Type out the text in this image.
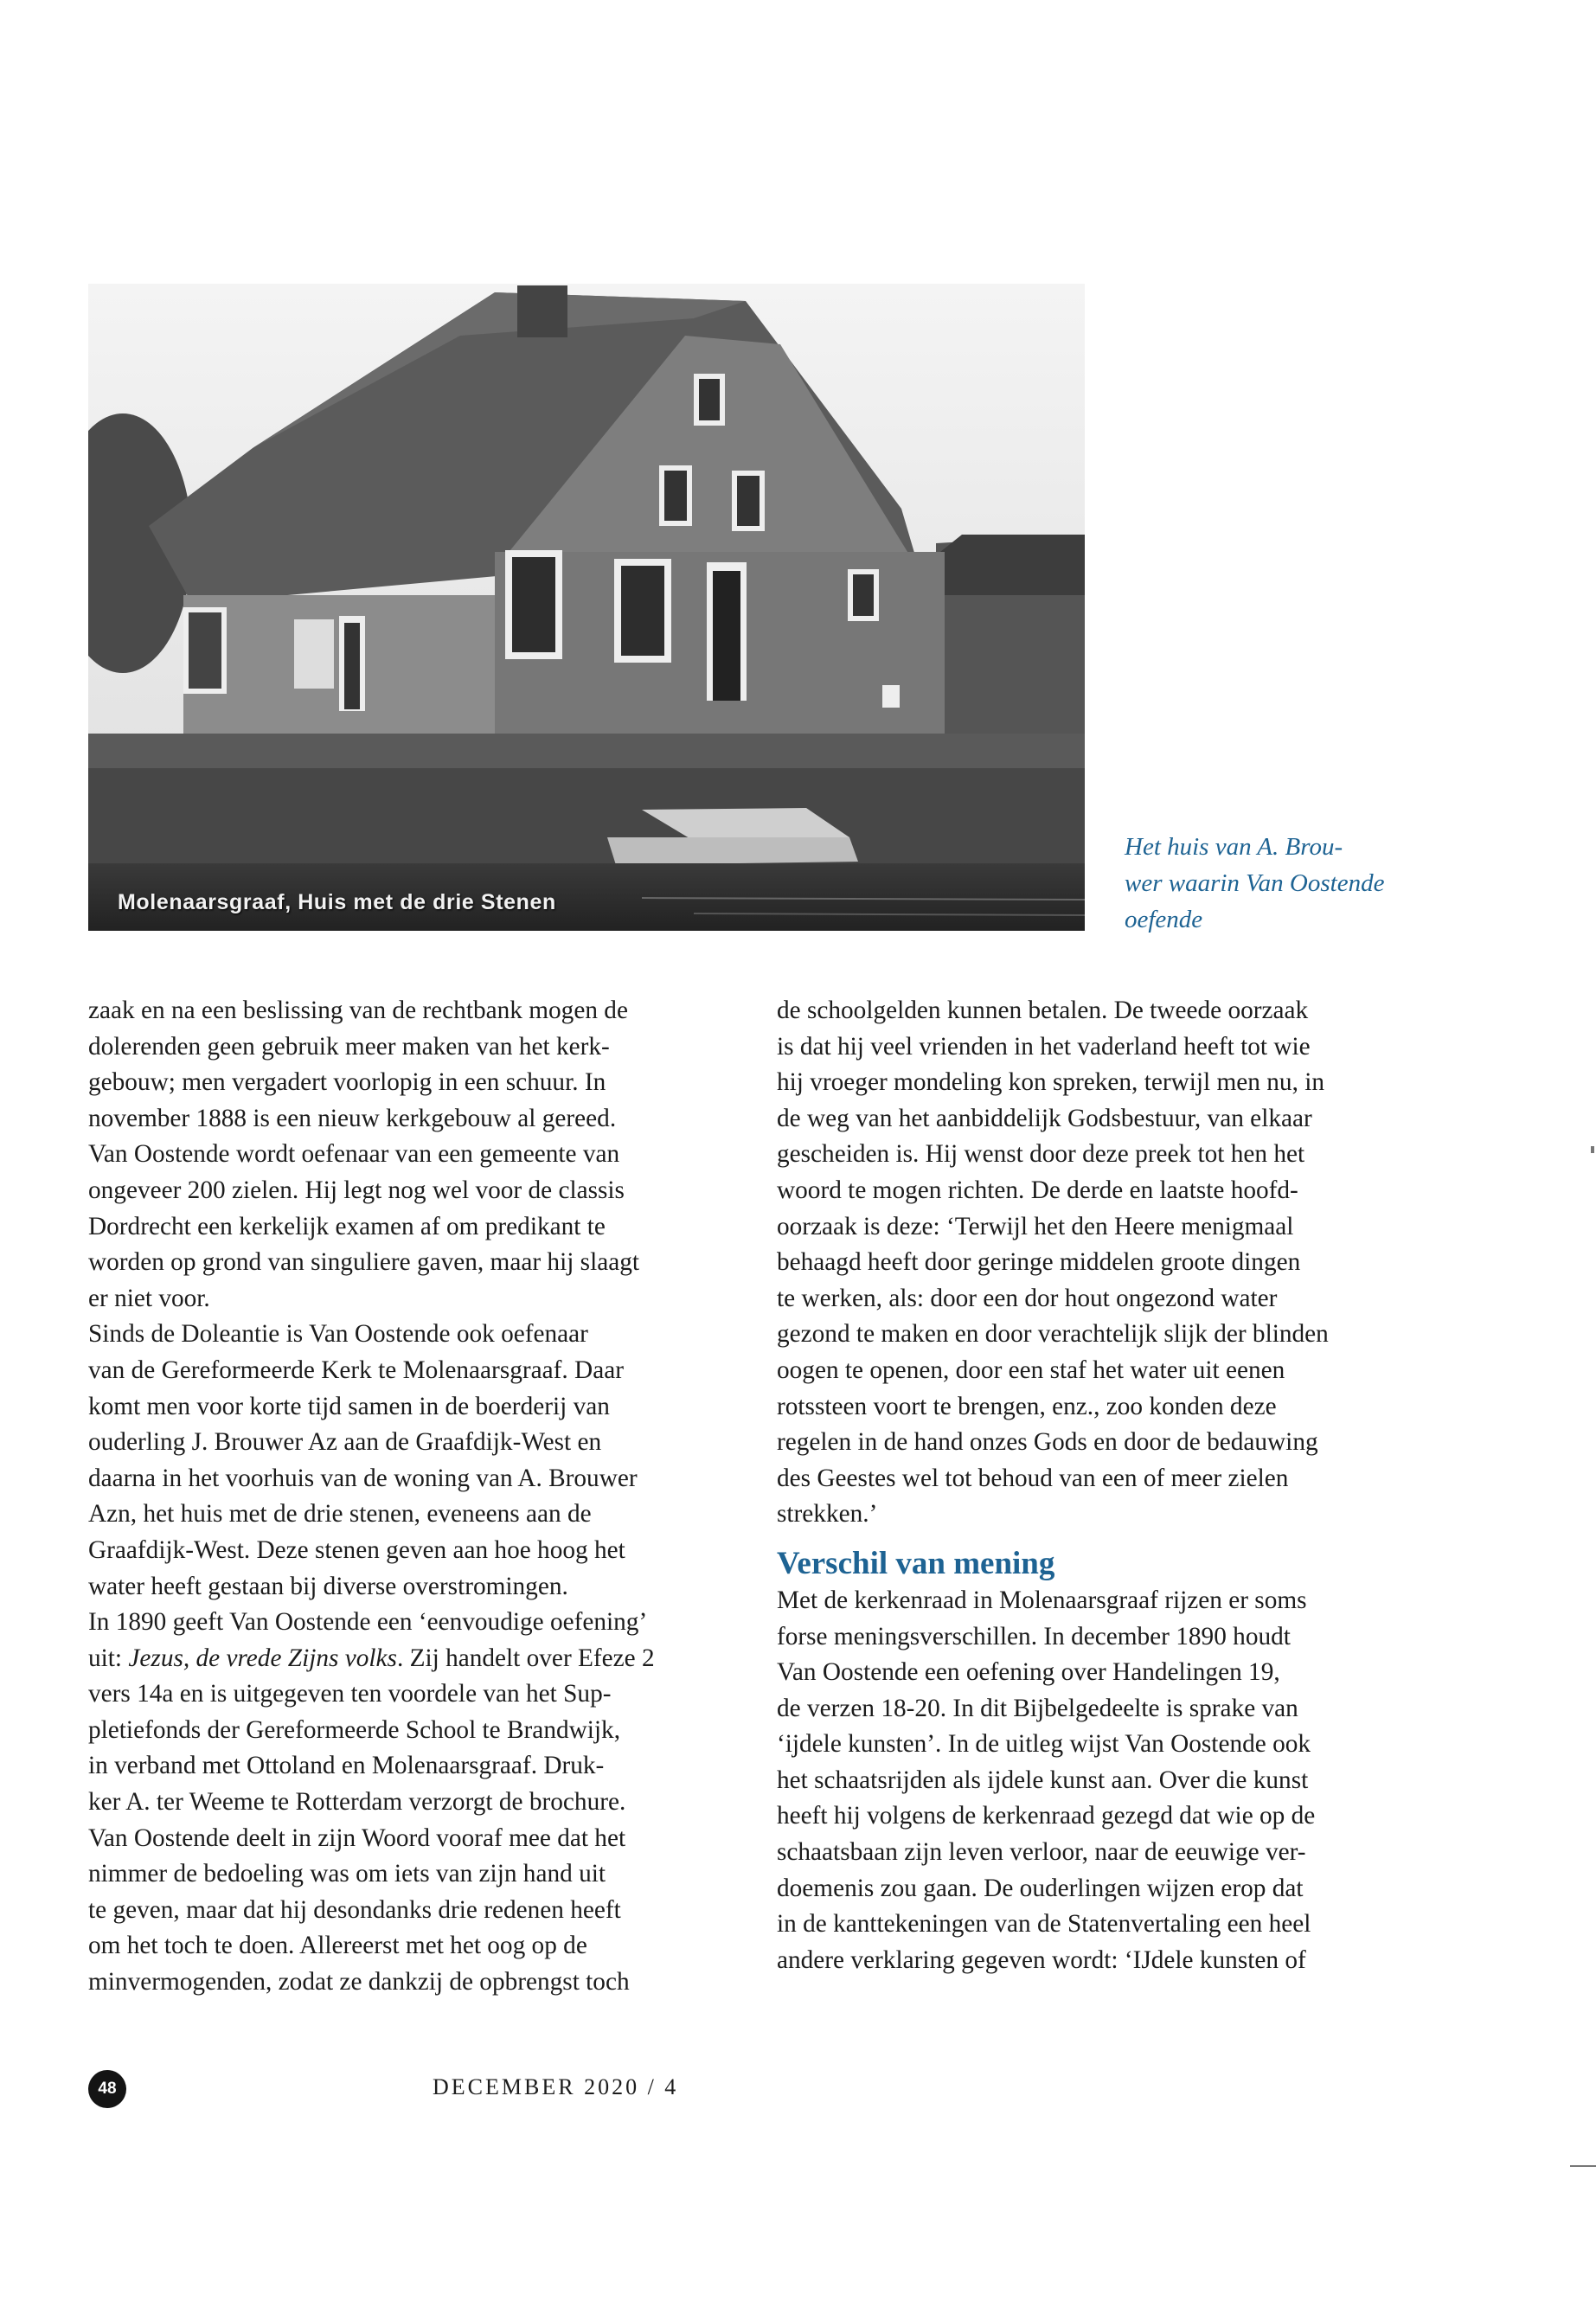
Molenaarsgraaf, Huis met de drie Stenen
Het huis van A. Brou-
wer waarin Van Oostende
oefende
zaak en na een beslissing van de rechtbank mogen de
dolerenden geen gebruik meer maken van het kerk-
gebouw; men vergadert voorlopig in een schuur. In
november 1888 is een nieuw kerkgebouw al gereed.
Van Oostende wordt oefenaar van een gemeente van
ongeveer 200 zielen. Hij legt nog wel voor de classis
Dordrecht een kerkelijk examen af om predikant te
worden op grond van singuliere gaven, maar hij slaagt
er niet voor.
Sinds de Doleantie is Van Oostende ook oefenaar
van de Gereformeerde Kerk te Molenaarsgraaf. Daar
komt men voor korte tijd samen in de boerderij van
ouderling J. Brouwer Az aan de Graafdijk-West en
daarna in het voorhuis van de woning van A. Brouwer
Azn, het huis met de drie stenen, eveneens aan de
Graafdijk-West. Deze stenen geven aan hoe hoog het
water heeft gestaan bij diverse overstromingen.
In 1890 geeft Van Oostende een ‘eenvoudige oefening’
uit: Jezus, de vrede Zijns volks. Zij handelt over Efeze 2
vers 14a en is uitgegeven ten voordele van het Sup-
pletiefonds der Gereformeerde School te Brandwijk,
in verband met Ottoland en Molenaarsgraaf. Druk-
ker A. ter Weeme te Rotterdam verzorgt de brochure.
Van Oostende deelt in zijn Woord vooraf mee dat het
nimmer de bedoeling was om iets van zijn hand uit
te geven, maar dat hij desondanks drie redenen heeft
om het toch te doen. Allereerst met het oog op de
minvermogenden, zodat ze dankzij de opbrengst toch
de schoolgelden kunnen betalen. De tweede oorzaak
is dat hij veel vrienden in het vaderland heeft tot wie
hij vroeger mondeling kon spreken, terwijl men nu, in
de weg van het aanbiddelijk Godsbestuur, van elkaar
gescheiden is. Hij wenst door deze preek tot hen het
woord te mogen richten. De derde en laatste hoofd-
oorzaak is deze: ‘Terwijl het den Heere menigmaal
behaagd heeft door geringe middelen groote dingen
te werken, als: door een dor hout ongezond water
gezond te maken en door verachtelijk slijk der blinden
oogen te openen, door een staf het water uit eenen
rotssteen voort te brengen, enz., zoo konden deze
regelen in de hand onzes Gods en door de bedauwing
des Geestes wel tot behoud van een of meer zielen
strekken.’
Verschil van mening
Met de kerkenraad in Molenaarsgraaf rijzen er soms
forse meningsverschillen. In december 1890 houdt
Van Oostende een oefening over Handelingen 19,
de verzen 18-20. In dit Bijbelgedeelte is sprake van
‘ijdele kunsten’. In de uitleg wijst Van Oostende ook
het schaatsrijden als ijdele kunst aan. Over die kunst
heeft hij volgens de kerkenraad gezegd dat wie op de
schaatsbaan zijn leven verloor, naar de eeuwige ver-
doemenis zou gaan. De ouderlingen wijzen erop dat
in de kanttekeningen van de Statenvertaling een heel
andere verklaring gegeven wordt: ‘IJdele kunsten of
48	DECEMBER 2020 / 4
